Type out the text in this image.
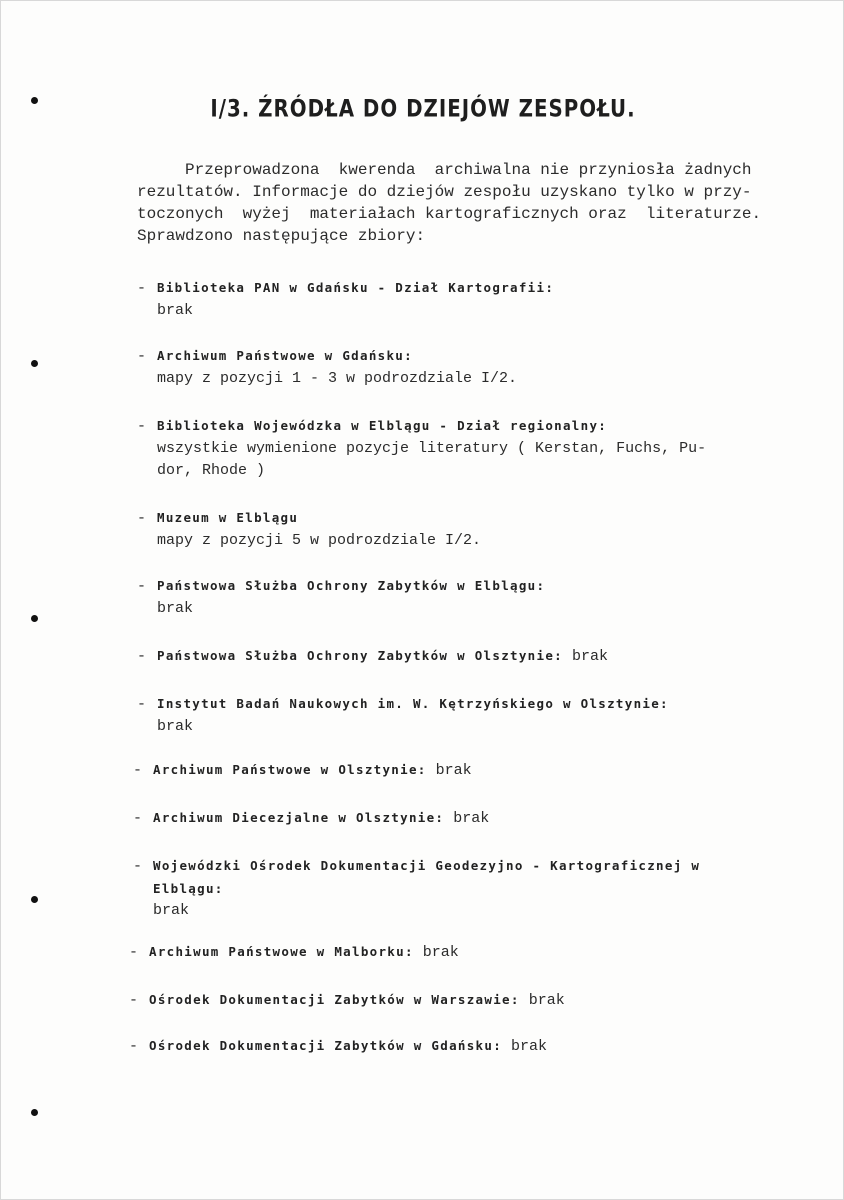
I/3. ŹRÓDŁA DO DZIEJÓW ZESPOŁU.
Przeprowadzona  kwerenda  archiwalna nie przyniosła żadnych
rezultatów. Informacje do dziejów zespołu uzyskano tylko w przy-
toczonych  wyżej  materiałach kartograficznych oraz  literaturze.
Sprawdzono następujące zbiory:
- Biblioteka PAN w Gdańsku - Dział Kartografii:
brak
- Archiwum Państwowe w Gdańsku:
mapy z pozycji 1 - 3 w podrozdziale I/2.
- Biblioteka Wojewódzka w Elblągu - Dział regionalny:
wszystkie wymienione pozycje literatury ( Kerstan, Fuchs, Pu-
dor, Rhode )
- Muzeum w Elblągu
mapy z pozycji 5 w podrozdziale I/2.
- Państwowa Służba Ochrony Zabytków w Elblągu:
brak
- Państwowa Służba Ochrony Zabytków w Olsztynie: brak
- Instytut Badań Naukowych im. W. Kętrzyńskiego w Olsztynie:
brak
- Archiwum Państwowe w Olsztynie: brak
- Archiwum Diecezjalne w Olsztynie: brak
- Wojewódzki Ośrodek Dokumentacji Geodezyjno - Kartograficznej w
Elblągu:
brak
- Archiwum Państwowe w Malborku: brak
- Ośrodek Dokumentacji Zabytków w Warszawie: brak
- Ośrodek Dokumentacji Zabytków w Gdańsku: brak
